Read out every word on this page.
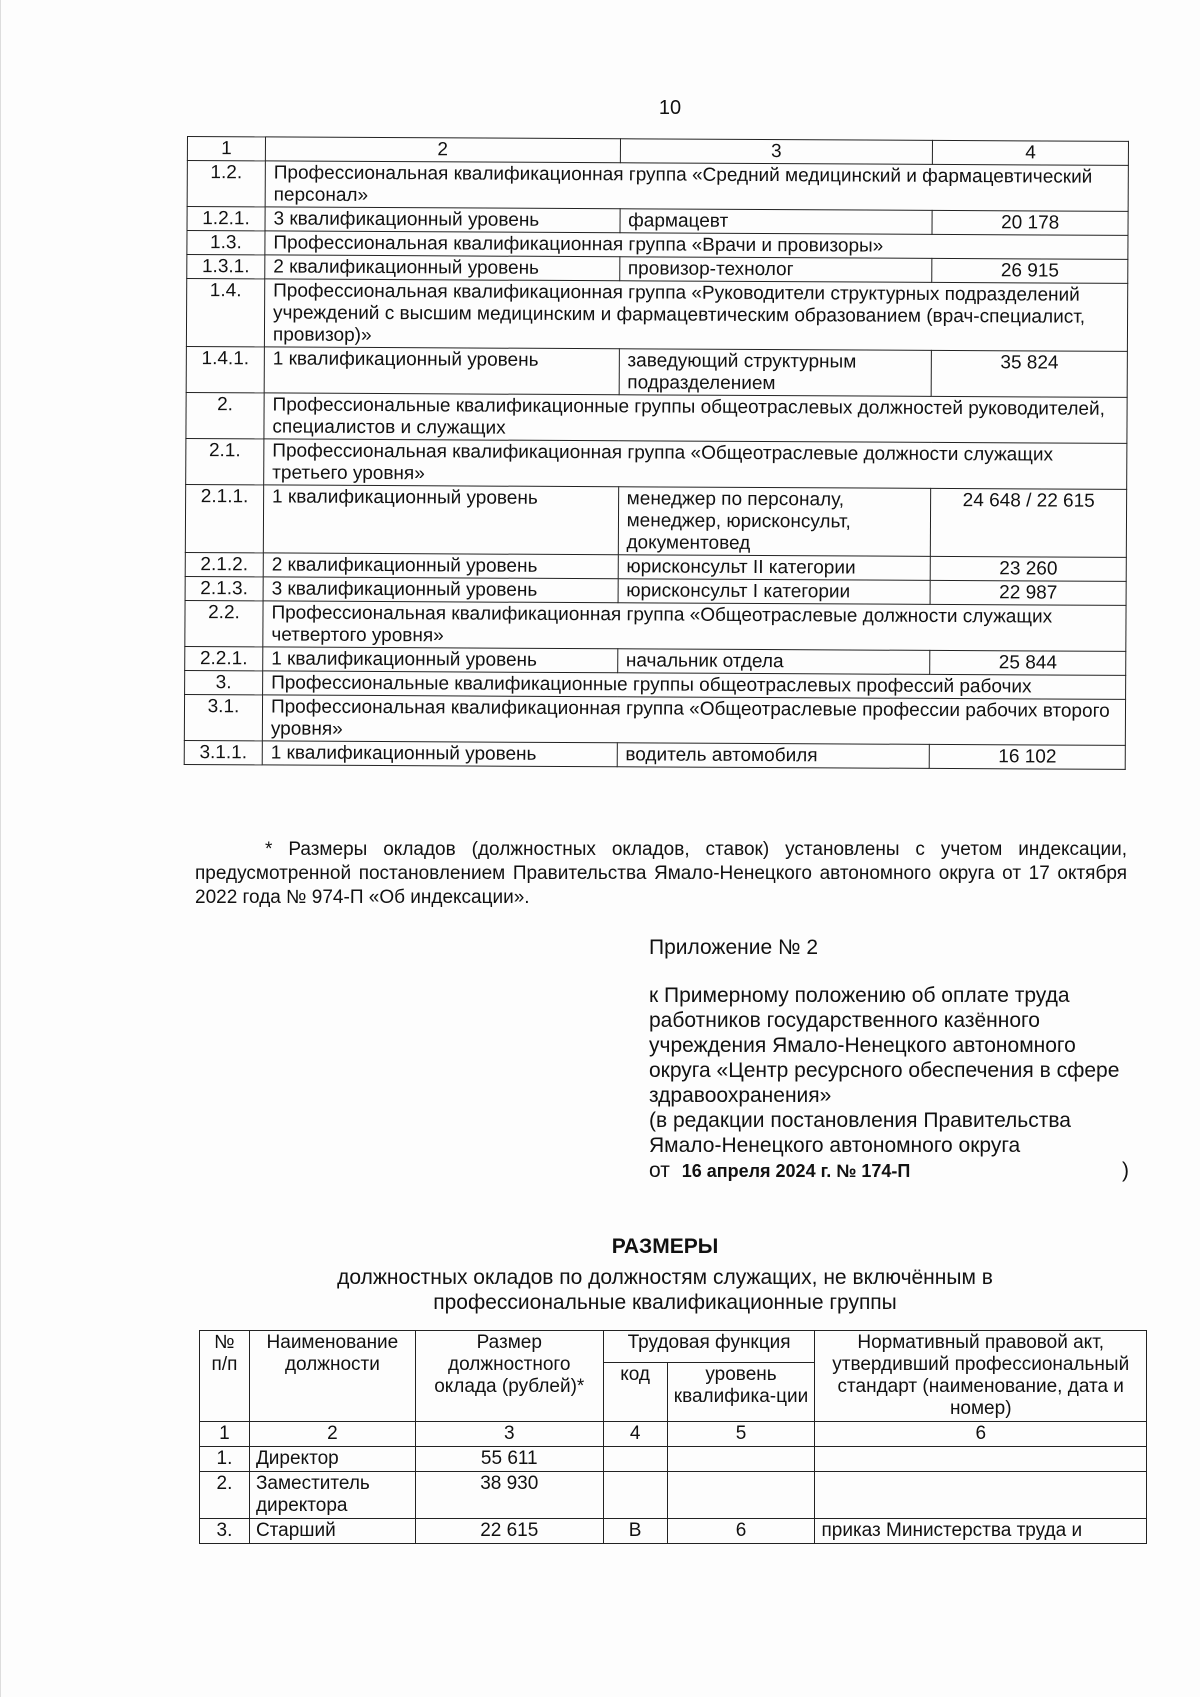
10
1	2	3	4
1.2.	Профессиональная квалификационная группа «Средний медицинский и фармацевтический персонал»		
1.2.1.	3 квалификационный уровень	фармацевт	20 178
1.3.	Профессиональная квалификационная группа «Врачи и провизоры»		
1.3.1.	2 квалификационный уровень	провизор-технолог	26 915
1.4.	Профессиональная квалификационная группа «Руководители структурных подразделений учреждений с высшим медицинским и фармацевтическим образованием (врач-специалист, провизор)»		
1.4.1.	1 квалификационный уровень	заведующий структурным подразделением	35 824
2.	Профессиональные квалификационные группы общеотраслевых должностей руководителей, специалистов и служащих		
2.1.	Профессиональная квалификационная группа «Общеотраслевые должности служащих третьего уровня»		
2.1.1.	1 квалификационный уровень	менеджер по персоналу, менеджер, юрисконсульт, документовед	24 648 / 22 615
2.1.2.	2 квалификационный уровень	юрисконсульт II категории	23 260
2.1.3.	3 квалификационный уровень	юрисконсульт I категории	22 987
2.2.	Профессиональная квалификационная группа «Общеотраслевые должности служащих четвертого уровня»		
2.2.1.	1 квалификационный уровень	начальник отдела	25 844
3.	Профессиональные квалификационные группы общеотраслевых профессий рабочих		
3.1.	Профессиональная квалификационная группа «Общеотраслевые профессии рабочих второго уровня»		
3.1.1.	1 квалификационный уровень	водитель автомобиля	16 102
* Размеры окладов (должностных окладов, ставок) установлены с учетом индексации, предусмотренной постановлением Правительства Ямало-Ненецкого автономного округа от 17 октября 2022 года № 974-П «Об индексации».
Приложение № 2
к Примерному положению об оплате труда работников государственного казённого учреждения Ямало-Ненецкого автономного округа «Центр ресурсного обеспечения в сфере здравоохранения»
(в редакции постановления Правительства Ямало-Ненецкого автономного округа
от 16 апреля 2024 г. № 174-П	)
РАЗМЕРЫ
должностных окладов по должностям служащих, не включённым в профессиональные квалификационные группы
№ п/п	Наименование должности	Размер должностного оклада (рублей)*	Трудовая функция		Нормативный правовой акт, утвердивший профессиональный стандарт (наименование, дата и номер)
			код	уровень квалифика-ции	
1	2	3	4	5	6
1.	Директор	55 611			
2.	Заместитель директора	38 930			
3.	Старший	22 615	В	6	приказ Министерства труда и
